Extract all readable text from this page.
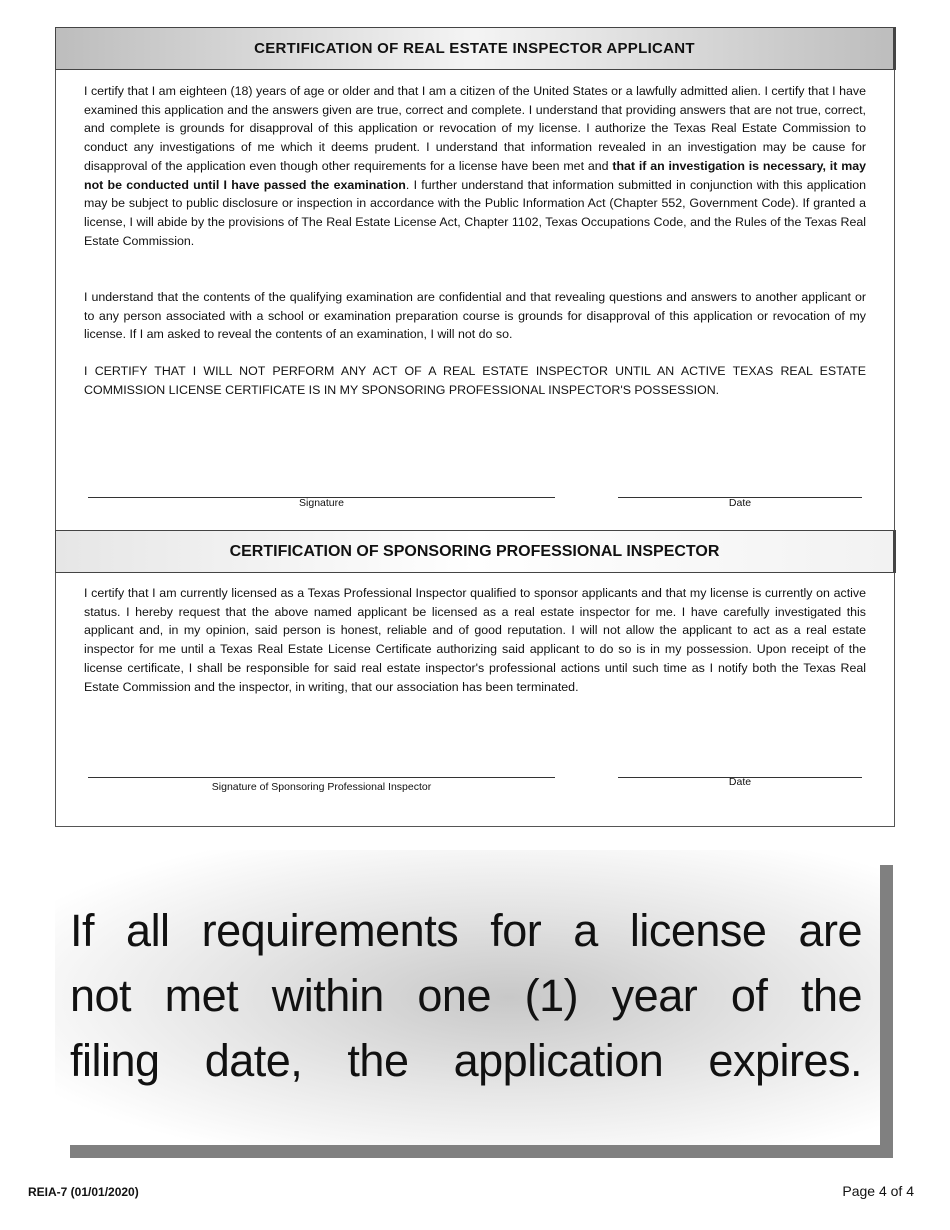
CERTIFICATION OF REAL ESTATE INSPECTOR APPLICANT

I certify that I am eighteen (18) years of age or older and that I am a citizen of the United States or a lawfully admitted alien. I certify that I have examined this application and the answers given are true, correct and complete. I understand that providing answers that are not true, correct, and complete is grounds for disapproval of this application or revocation of my license. I authorize the Texas Real Estate Commission to conduct any investigations of me which it deems prudent. I understand that information revealed in an investigation may be cause for disapproval of the application even though other requirements for a license have been met and that if an investigation is necessary, it may not be conducted until I have passed the examination. I further understand that information submitted in conjunction with this application may be subject to public disclosure or inspection in accordance with the Public Information Act (Chapter 552, Government Code). If granted a license, I will abide by the provisions of The Real Estate License Act, Chapter 1102, Texas Occupations Code, and the Rules of the Texas Real Estate Commission.

I understand that the contents of the qualifying examination are confidential and that revealing questions and answers to another applicant or to any person associated with a school or examination preparation course is grounds for disapproval of this application or revocation of my license. If I am asked to reveal the contents of an examination, I will not do so.

I CERTIFY THAT I WILL NOT PERFORM ANY ACT OF A REAL ESTATE INSPECTOR UNTIL AN ACTIVE TEXAS REAL ESTATE COMMISSION LICENSE CERTIFICATE IS IN MY SPONSORING PROFESSIONAL INSPECTOR'S POSSESSION.

Signature	Date
CERTIFICATION OF SPONSORING PROFESSIONAL INSPECTOR

I certify that I am currently licensed as a Texas Professional Inspector qualified to sponsor applicants and that my license is currently on active status. I hereby request that the above named applicant be licensed as a real estate inspector for me. I have carefully investigated this applicant and, in my opinion, said person is honest, reliable and of good reputation. I will not allow the applicant to act as a real estate inspector for me until a Texas Real Estate License Certificate authorizing said applicant to do so is in my possession. Upon receipt of the license certificate, I shall be responsible for said real estate inspector's professional actions until such time as I notify both the Texas Real Estate Commission and the inspector, in writing, that our association has been terminated.

Signature of Sponsoring Professional Inspector	Date
If all requirements for a license are
not met within one (1) year of the
filing date, the application expires.
REIA-7 (01/01/2020)	Page 4 of 4
